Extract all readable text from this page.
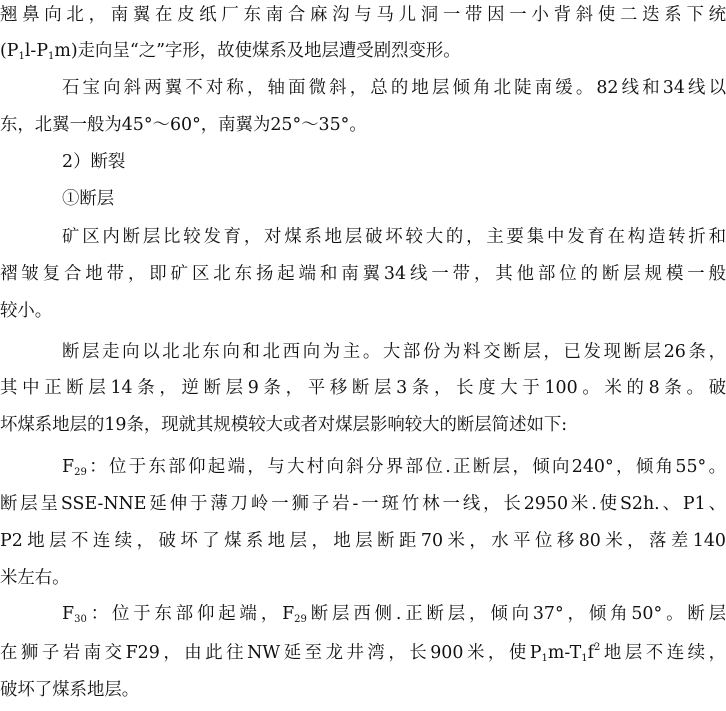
翘鼻向北，南翼在皮纸厂东南合麻沟与马儿洞一带因一小背斜使二迭系下统
$(P_1l-P_1m)$走向呈“之”字形，故使煤系及地层遭受剧烈变形。
石宝向斜两翼不对称，轴面微斜，总的地层倾角北陡南缓。82线和34线以
东，北翼一般为45°～60°，南翼为25°～35°。
2）断裂
①断层
矿区内断层比较发育，对煤系地层破坏较大的，主要集中发育在构造转折和
褶皱复合地带，即矿区北东扬起端和南翼34线一带，其他部位的断层规模一般
较小。
断层走向以北北东向和北西向为主。大部份为料交断层，已发现断层26条，
其中正断层14条，逆断层9条，平移断层3条，长度大于100。米的8条。破
坏煤系地层的19条，现就其规模较大或者对煤层影响较大的断层简述如下:
$F_{29}$：位于东部仰起端，与大村向斜分界部位.正断层，倾向240°，倾角55°。
断层呈SSE-NNE延伸于薄刀岭一狮子岩-一斑竹林一线，长2950米.使S2h.、P1、
P2地层不连续，破坏了煤系地层，地层断距70米，水平位移80米，落差140
米左右。
$F_{30}$：位于东部仰起端，$F_{29}$断层西侧.正断层，倾向37°，倾角50°。断层
在狮子岩南交F29，由此往NW延至龙井湾，长900米，使$P_1m-T_1f^2$地层不连续，
破坏了煤系地层。
